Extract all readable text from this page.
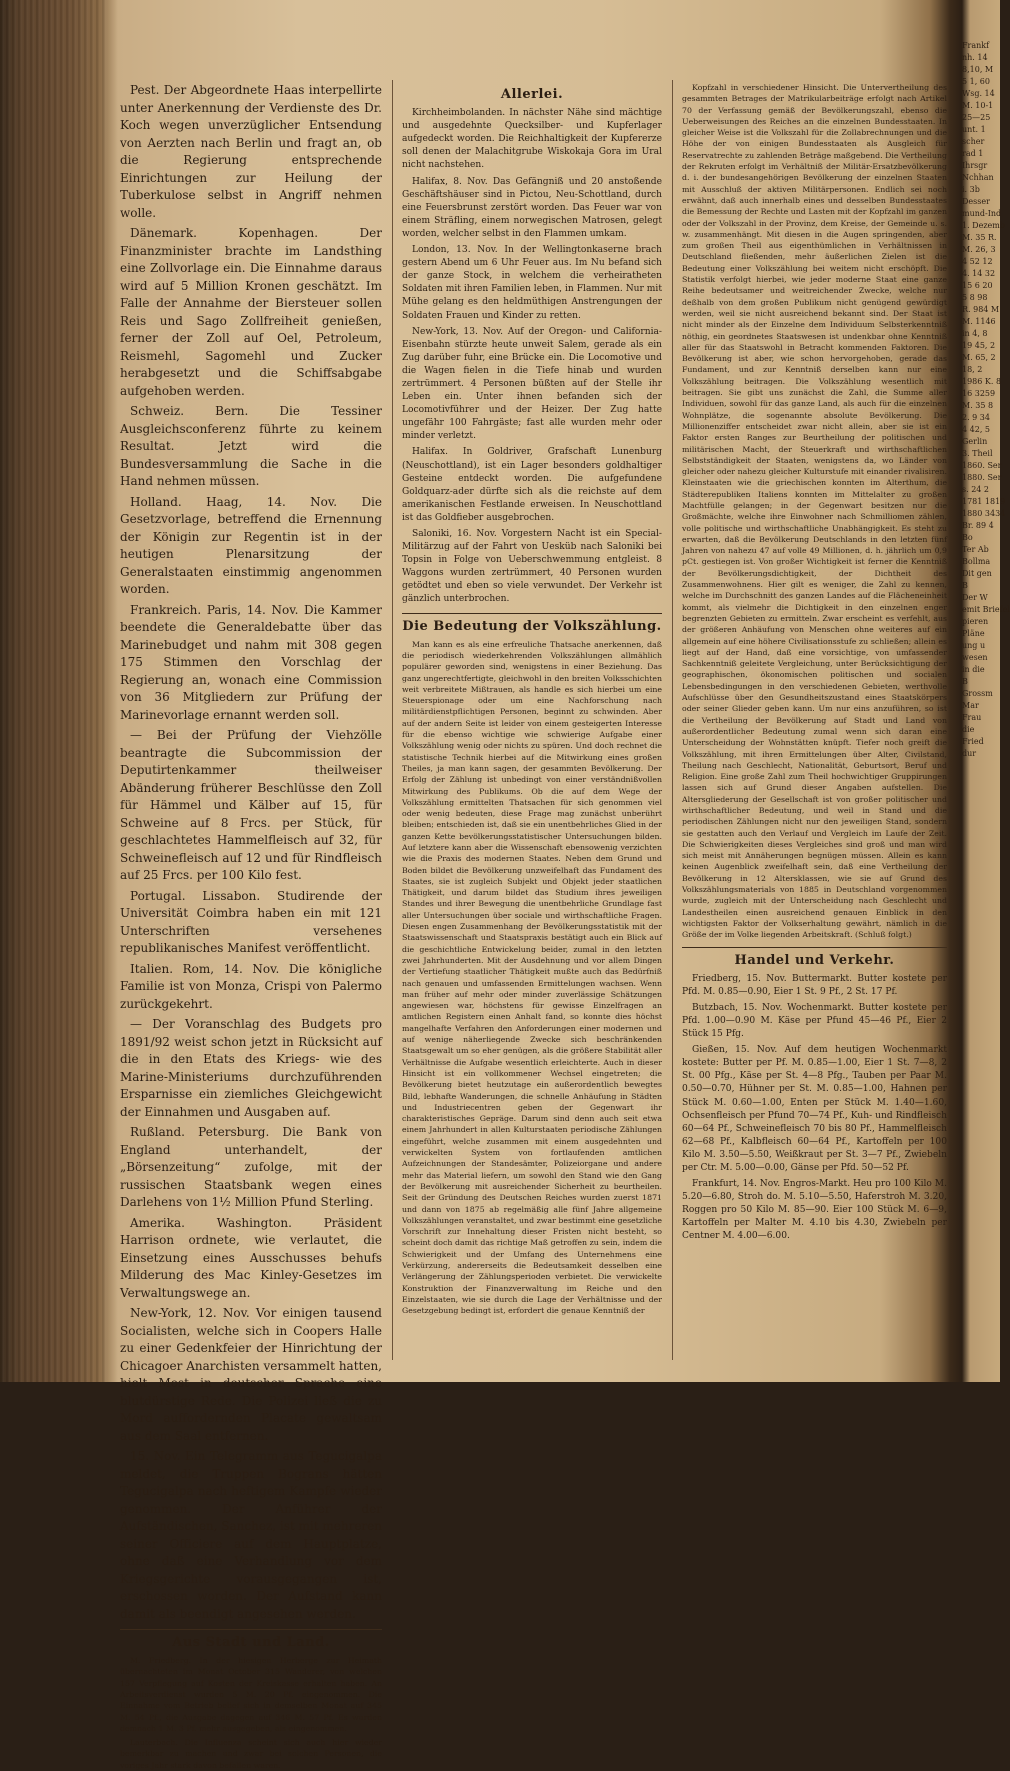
Pest. Der Abgeordnete Haas interpellirte unter Anerkennung der Verdienste des Dr. Koch wegen unverzüglicher Entsendung von Aerzten nach Berlin und fragt an, ob die Regierung entsprechende Einrichtungen zur Heilung der Tuberkulose selbst in Angriff nehmen wolle.

Dänemark. Kopenhagen. Der Finanzminister brachte im Landsthing eine Zollvorlage ein. Die Einnahme daraus wird auf 5 Million Kronen geschätzt. Im Falle der Annahme der Biersteuer sollen Reis und Sago Zollfreiheit genießen, ferner der Zoll auf Oel, Petroleum, Reismehl, Sagomehl und Zucker herabgesetzt und die Schiffsabgabe aufgehoben werden.

Schweiz. Bern. Die Tessiner Ausgleichsconferenz führte zu keinem Resultat. Jetzt wird die Bundesversammlung die Sache in die Hand nehmen müssen.

Holland. Haag, 14. Nov. Die Gesetzvorlage, betreffend die Ernennung der Königin zur Regentin ist in der heutigen Plenarsitzung der Generalstaaten einstimmig angenommen worden.

Frankreich. Paris, 14. Nov. Die Kammer beendete die Generaldebatte über das Marinebudget und nahm mit 308 gegen 175 Stimmen den Vorschlag der Regierung an, wonach eine Commission von 36 Mitgliedern zur Prüfung der Marinevorlage ernannt werden soll.

— Bei der Prüfung der Viehzölle beantragte die Subcommission der Deputirtenkammer theilweiser Abänderung früherer Beschlüsse den Zoll für Hämmel und Kälber auf 15, für Schweine auf 8 Frcs. per Stück, für geschlachtetes Hammelfleisch auf 32, für Schweinefleisch auf 12 und für Rindfleisch auf 25 Frcs. per 100 Kilo fest.

Portugal. Lissabon. Studirende der Universität Coimbra haben ein mit 121 Unterschriften versehenes republikanisches Manifest veröffentlicht.

Italien. Rom, 14. Nov. Die königliche Familie ist von Monza, Crispi von Palermo zurückgekehrt.

— Der Voranschlag des Budgets pro 1891/92 weist schon jetzt in Rücksicht auf die in den Etats des Kriegs- wie des Marine-Ministeriums durchzuführenden Ersparnisse ein ziemliches Gleichgewicht der Einnahmen und Ausgaben auf.

Rußland. Petersburg. Die Bank von England unterhandelt, der „Börsenzeitung“ zufolge, mit der russischen Staatsbank wegen eines Darlehens von 1½ Million Pfund Sterling.

Amerika. Washington. Präsident Harrison ordnete, wie verlautet, die Einsetzung eines Ausschusses behufs Milderung des Mac Kinley-Gesetzes im Verwaltungswege an.

New-York, 12. Nov. Vor einigen tausend Socialisten, welche sich in Coopers Halle zu einer Gedenkfeier der Hinrichtung der Chicagoer Anarchisten versammelt hatten, hielt Most in deutscher Sprache eine blutdürstige Rede. Die Polizei ließ die zu Mord auffordernden Placate gewaltsam aus dem Saal entfernen.

15. Nov. Ein Telegramm aus Tegucigalpa meldet, die Truppen Bograns hätten Tegucigalpa nach heftigem Kampfe wieder genommen. Der Anführer der Aufständischen, Sanchez, ist mit mehreren seiner Officiere auf dem Hauptplatze, ohne daß eine Verhandlung vor dem Kriegsgerichte vorausgegangen ist, erschossen worden. Der Aufstand kann damit als beendigt angesehen werden.

Aus Stadt und Land.

M. Friedberg. In der hiesigen Herberge zur Heimath übernachteten im Monat October 315 Wanderer, von welchen 157 Verpflegung auf Kosten der Kreiskasse erhalten haben. An Arbeitsverdienst wurden 5 M. 20 Pf. eingenommen. Die Einnahme vom Betrieb belief sich in demselben Monat auf 345 M. 54 Pf., die Ausgabe dagegen auf 346 M. 57 Pf. Es wurden demnach 1 M. 3 Pf. mehr ausgegeben, als eingenommen.

Lauterbach. Die Influenza scheint sich auch hier wieder bemerkbar zu machen und zwar bei solchen Personen, die voriges Jahr stark davon befallen waren.

Allerlei.

Kirchheimbolanden. In nächster Nähe sind mächtige und ausgedehnte Quecksilber- und Kupferlager aufgedeckt worden. Die Reichhaltigkeit der Kupfererze soll denen der Malachitgrube Wiskokaja Gora im Ural nicht nachstehen.

Halifax, 8. Nov. Das Gefängniß und 20 anstoßende Geschäftshäuser sind in Pictou, Neu-Schottland, durch eine Feuersbrunst zerstört worden. Das Feuer war von einem Sträfling, einem norwegischen Matrosen, gelegt worden, welcher selbst in den Flammen umkam.

London, 13. Nov. In der Wellingtonkaserne brach gestern Abend um 6 Uhr Feuer aus. Im Nu befand sich der ganze Stock, in welchem die verheiratheten Soldaten mit ihren Familien leben, in Flammen. Nur mit Mühe gelang es den heldmüthigen Anstrengungen der Soldaten Frauen und Kinder zu retten.

New-York, 13. Nov. Auf der Oregon- und California-Eisenbahn stürzte heute unweit Salem, gerade als ein Zug darüber fuhr, eine Brücke ein. Die Locomotive und die Wagen fielen in die Tiefe hinab und wurden zertrümmert. 4 Personen büßten auf der Stelle ihr Leben ein. Unter ihnen befanden sich der Locomotivführer und der Heizer. Der Zug hatte ungefähr 100 Fahrgäste; fast alle wurden mehr oder minder verletzt.

Halifax. In Goldriver, Grafschaft Lunenburg (Neuschottland), ist ein Lager besonders goldhaltiger Gesteine entdeckt worden. Die aufgefundene Goldquarz-ader dürfte sich als die reichste auf dem amerikanischen Festlande erweisen. In Neuschottland ist das Goldfieber ausgebrochen.

Saloniki, 16. Nov. Vorgestern Nacht ist ein Special-Militärzug auf der Fahrt von Uesküb nach Saloniki bei Topsin in Folge von Ueberschwemmung entgleist. 8 Waggons wurden zertrümmert, 40 Personen wurden getödtet und eben so viele verwundet. Der Verkehr ist gänzlich unterbrochen.

Die Bedeutung der Volkszählung.

Man kann es als eine erfreuliche Thatsache anerkennen, daß die periodisch wiederkehrenden Volkszählungen allmählich populärer geworden sind, wenigstens in einer Beziehung. Das ganz ungerechtfertigte, gleichwohl in den breiten Volksschichten weit verbreitete Mißtrauen, als handle es sich hierbei um eine Steuerspionage oder um eine Nachforschung nach militärdienstpflichtigen Personen, beginnt zu schwinden. Aber auf der andern Seite ist leider von einem gesteigerten Interesse für die ebenso wichtige wie schwierige Aufgabe einer Volkszählung wenig oder nichts zu spüren. Und doch rechnet die statistische Technik hierbei auf die Mitwirkung eines großen Theiles, ja man kann sagen, der gesammten Bevölkerung. Der Erfolg der Zählung ist unbedingt von einer verständnißvollen Mitwirkung des Publikums. Ob die auf dem Wege der Volkszählung ermittelten Thatsachen für sich genommen viel oder wenig bedeuten, diese Frage mag zunächst unberührt bleiben; entschieden ist, daß sie ein unentbehrliches Glied in der ganzen Kette bevölkerungsstatistischer Untersuchungen bilden. Auf letztere kann aber die Wissenschaft ebensowenig verzichten wie die Praxis des modernen Staates. Neben dem Grund und Boden bildet die Bevölkerung unzweifelhaft das Fundament des Staates, sie ist zugleich Subjekt und Objekt jeder staatlichen Thätigkeit, und darum bildet das Studium ihres jeweiligen Standes und ihrer Bewegung die unentbehrliche Grundlage fast aller Untersuchungen über sociale und wirthschaftliche Fragen. Diesen engen Zusammenhang der Bevölkerungsstatistik mit der Staatswissenschaft und Staatspraxis bestätigt auch ein Blick auf die geschichtliche Entwickelung beider, zumal in den letzten zwei Jahrhunderten. Mit der Ausdehnung und vor allem Dingen der Vertiefung staatlicher Thätigkeit mußte auch das Bedürfniß nach genauen und umfassenden Ermittelungen wachsen. Wenn man früher auf mehr oder minder zuverlässige Schätzungen angewiesen war, höchstens für gewisse Einzelfragen an amtlichen Registern einen Anhalt fand, so konnte dies höchst mangelhafte Verfahren den Anforderungen einer modernen und auf wenige näherliegende Zwecke sich beschränkenden Staatsgewalt um so eher genügen, als die größere Stabilität aller Verhältnisse die Aufgabe wesentlich erleichterte. Auch in dieser Hinsicht ist ein vollkommener Wechsel eingetreten; die Bevölkerung bietet heutzutage ein außerordentlich bewegtes Bild, lebhafte Wanderungen, die schnelle Anhäufung in Städten und Industriecentren geben der Gegenwart ihr charakteristisches Gepräge. Darum sind denn auch seit etwa einem Jahrhundert in allen Kulturstaaten periodische Zählungen eingeführt, welche zusammen mit einem ausgedehnten und verwickelten System von fortlaufenden amtlichen Aufzeichnungen der Standesämter, Polizeiorgane und andere mehr das Material liefern, um sowohl den Stand wie den Gang der Bevölkerung mit ausreichender Sicherheit zu beurtheilen. Seit der Gründung des Deutschen Reiches wurden zuerst 1871 und dann von 1875 ab regelmäßig alle fünf Jahre allgemeine Volkszählungen veranstaltet, und zwar bestimmt eine gesetzliche Vorschrift zur Innehaltung dieser Fristen nicht besteht, so scheint doch damit das richtige Maß getroffen zu sein, indem die Schwierigkeit und der Umfang des Unternehmens eine Verkürzung, andererseits die Bedeutsamkeit desselben eine Verlängerung der Zählungsperioden verbietet. Die verwickelte Konstruktion der Finanzverwaltung im Reiche und den Einzelstaaten, wie sie durch die Lage der Verhältnisse und der Gesetzgebung bedingt ist, erfordert die genaue Kenntniß der

Kopfzahl in verschiedener Hinsicht. Die Untervertheilung des gesammten Betrages der Matrikularbeiträge erfolgt nach Artikel 70 der Verfassung gemäß der Bevölkerungszahl, ebenso die Ueberweisungen des Reiches an die einzelnen Bundesstaaten. In gleicher Weise ist die Volkszahl für die Zollabrechnungen und die Höhe der von einigen Bundesstaaten als Ausgleich für Reservatrechte zu zahlenden Beträge maßgebend. Die Vertheilung der Rekruten erfolgt im Verhältniß der Militär-Ersatzbevölkerung d. i. der bundesangehörigen Bevölkerung der einzelnen Staaten mit Ausschluß der aktiven Militärpersonen. Endlich sei noch erwähnt, daß auch innerhalb eines und desselben Bundesstaates die Bemessung der Rechte und Lasten mit der Kopfzahl im ganzen oder der Volkszahl in der Provinz, dem Kreise, der Gemeinde u. s. w. zusammenhängt. Mit diesen in die Augen springenden, aber zum großen Theil aus eigenthümlichen in Verhältnissen in Deutschland fließenden, mehr äußerlichen Zielen ist die Bedeutung einer Volkszählung bei weitem nicht erschöpft. Die Statistik verfolgt hierbei, wie jeder moderne Staat eine ganze Reihe bedeutsamer und weitreichender Zwecke, welche nur deßhalb von dem großen Publikum nicht genügend gewürdigt werden, weil sie nicht ausreichend bekannt sind. Der Staat ist nicht minder als der Einzelne dem Individuum Selbsterkenntniß nöthig, ein geordnetes Staatswesen ist undenkbar ohne Kenntniß aller für das Staatswohl in Betracht kommenden Faktoren. Die Bevölkerung ist aber, wie schon hervorgehoben, gerade das Fundament, und zur Kenntniß derselben kann nur eine Volkszählung beitragen. Die Volkszählung wesentlich mit beitragen. Sie gibt uns zunächst die Zahl, die Summe aller Individuen, sowohl für das ganze Land, als auch für die einzelnen Wohnplätze, die sogenannte absolute Bevölkerung. Die Millionenziffer entscheidet zwar nicht allein, aber sie ist ein Faktor ersten Ranges zur Beurtheilung der politischen und militärischen Macht, der Steuerkraft und wirthschaftlichen Selbstständigkeit der Staaten, wenigstens da, wo Länder von gleicher oder nahezu gleicher Kulturstufe mit einander rivalisiren. Kleinstaaten wie die griechischen konnten im Alterthum, die Städterepubliken Italiens konnten im Mittelalter zu großen Machtfülle gelangen; in der Gegenwart besitzen nur die Großmächte, welche ihre Einwohner nach Schmilliomen zählen, volle politische und wirthschaftliche Unabhängigkeit. Es steht zu erwarten, daß die Bevölkerung Deutschlands in den letzten fünf Jahren von nahezu 47 auf volle 49 Millionen, d. h. jährlich um 0,9 pCt. gestiegen ist. Von großer Wichtigkeit ist ferner die Kenntniß der Bevölkerungsdichtigkeit, der Dichtheit des Zusammenwohnens. Hier gilt es weniger, die Zahl zu kennen, welche im Durchschnitt des ganzen Landes auf die Flächeneinheit kommt, als vielmehr die Dichtigkeit in den einzelnen enger begrenzten Gebieten zu ermitteln. Zwar erscheint es verfehlt, aus der größeren Anhäufung von Menschen ohne weiteres auf ein allgemein auf eine höhere Civilisationsstufe zu schließen; allein es liegt auf der Hand, daß eine vorsichtige, von umfassender Sachkenntniß geleitete Vergleichung, unter Berücksichtigung der geographischen, ökonomischen politischen und socialen Lebensbedingungen in den verschiedenen Gebieten, werthvolle Aufschlüsse über den Gesundheitszustand eines Staatskörpers oder seiner Glieder geben kann. Um nur eins anzuführen, so ist die Vertheilung der Bevölkerung auf Stadt und Land von außerordentlicher Bedeutung zumal wenn sich daran eine Unterscheidung der Wohnstätten knüpft. Tiefer noch greift die Volkszählung, mit ihren Ermittelungen über Alter, Civilstand, Theilung nach Geschlecht, Nationalität, Geburtsort, Beruf und Religion. Eine große Zahl zum Theil hochwichtiger Gruppirungen lassen sich auf Grund dieser Angaben aufstellen. Die Altersgliederung der Gesellschaft ist von großer politischer und wirthschaftlicher Bedeutung, und weil in Stand und die periodischen Zählungen nicht nur den jeweiligen Stand, sondern sie gestatten auch den Verlauf und Vergleich im Laufe der Zeit. Die Schwierigkeiten dieses Vergleiches sind groß und man wird sich meist mit Annäherungen begnügen müssen. Allein es kann keinen Augenblick zweifelhaft sein, daß eine Vertheilung der Bevölkerung in 12 Altersklassen, wie sie auf Grund des Volkszählungsmaterials von 1885 in Deutschland vorgenommen wurde, zugleich mit der Unterscheidung nach Geschlecht und Landestheilen einen ausreichend genauen Einblick in den wichtigsten Faktor der Volkserhaltung gewährt, nämlich in die Größe der im Volke liegenden Arbeitskraft. (Schluß folgt.)

Handel und Verkehr.

Friedberg, 15. Nov. Buttermarkt. Butter kostete per Pfd. M. 0.85—0.90, Eier 1 St. 9 Pf., 2 St. 17 Pf.

Butzbach, 15. Nov. Wochenmarkt. Butter kostete per Pfd. 1.00—0.90 M. Käse per Pfund 45—46 Pf., Eier 2 Stück 15 Pfg.

Gießen, 15. Nov. Auf dem heutigen Wochenmarkt kostete: Butter per Pf. M. 0.85—1.00, Eier 1 St. 7—8, 2 St. 00 Pfg., Käse per St. 4—8 Pfg., Tauben per Paar M. 0.50—0.70, Hühner per St. M. 0.85—1.00, Hahnen per Stück M. 0.60—1.00, Enten per Stück M. 1.40—1.60, Ochsenfleisch per Pfund 70—74 Pf., Kuh- und Rindfleisch 60—64 Pf., Schweinefleisch 70 bis 80 Pf., Hammelfleisch 62—68 Pf., Kalbfleisch 60—64 Pf., Kartoffeln per 100 Kilo M. 3.50—5.50, Weißkraut per St. 3—7 Pf., Zwiebeln per Ctr. M. 5.00—0.00, Gänse per Pfd. 50—52 Pf.

Frankfurt, 14. Nov. Engros-Markt. Heu pro 100 Kilo M. 5.20—6.80, Stroh do. M. 5.10—5.50, Haferstroh M. 3.20, Roggen pro 50 Kilo M. 85—90. Eier 100 Stück M. 6—9, Kartoffeln per Malter M. 4.10 bis 4.30, Zwiebeln per Centner M. 4.00—6.00.

Frankf
nh. 14
8,10, M
5 1, 60
Wsg. 14
M. 10-1
25—25
unt. 1
scher
rad 1
Ihrsgr
Nchhan
i. 3b
Desser
mund-Ind
1. Dezemb
M. 35 R.
M. 26, 3
4 52 12
4. 14 32
15 6 20
5 8 98
R. 984 M
M. 1146
in 4, 8
19 45, 2
M. 65, 2
18, 2
1986 K. 8
16 3259
M. 35 8
2. 9 34
4 42, 5
Gerlin
3. Theil
1860. Ser
1880. Ser
s. 24 2
1781 1819
1880 3434
Br. 89 4
Bo
Ter Ab
Bollma
Dit gen
B
Der W
emit Briefel
pieren
Pläne
ung u
wesen
in die
B
Grossm
Mar
Frau
die
Fried
dur
